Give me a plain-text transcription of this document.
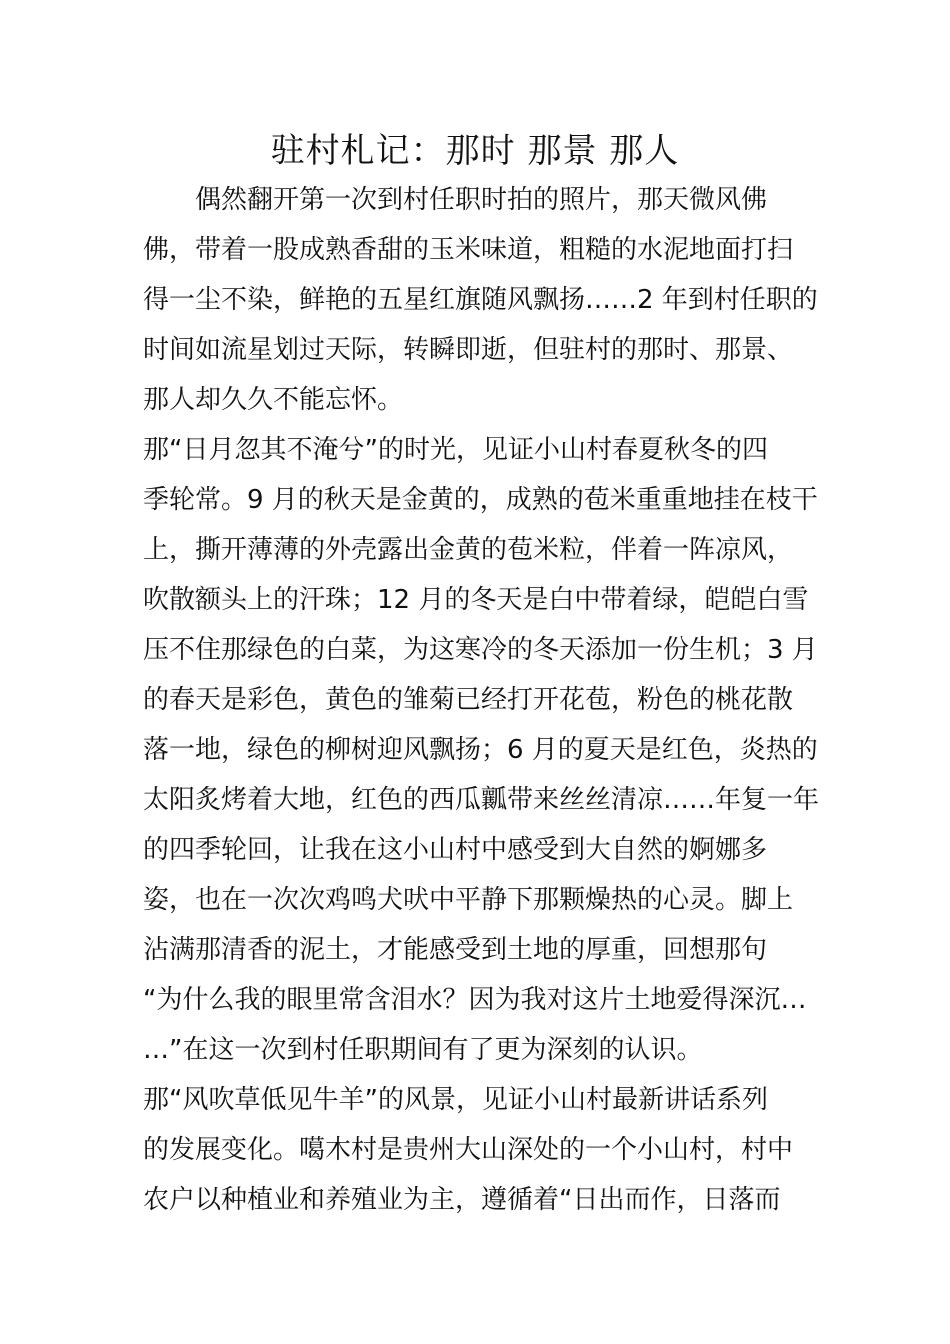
驻村札记：那时 那景 那人

　　偶然翻开第一次到村任职时拍的照片，那天微风佛

佛，带着一股成熟香甜的玉米味道，粗糙的水泥地面打扫

得一尘不染，鲜艳的五星红旗随风飘扬……2 年到村任职的

时间如流星划过天际，转瞬即逝，但驻村的那时、那景、

那人却久久不能忘怀。

那“日月忽其不淹兮”的时光，见证小山村春夏秋冬的四

季轮常。9 月的秋天是金黄的，成熟的苞米重重地挂在枝干

上，撕开薄薄的外壳露出金黄的苞米粒，伴着一阵凉风，

吹散额头上的汗珠；12 月的冬天是白中带着绿，皑皑白雪

压不住那绿色的白菜，为这寒冷的冬天添加一份生机；3 月

的春天是彩色，黄色的雏菊已经打开花苞，粉色的桃花散

落一地，绿色的柳树迎风飘扬；6 月的夏天是红色，炎热的

太阳炙烤着大地，红色的西瓜瓤带来丝丝清凉……年复一年

的四季轮回，让我在这小山村中感受到大自然的婀娜多

姿，也在一次次鸡鸣犬吠中平静下那颗燥热的心灵。脚上

沾满那清香的泥土，才能感受到土地的厚重，回想那句

“为什么我的眼里常含泪水？因为我对这片土地爱得深沉…

…”在这一次到村任职期间有了更为深刻的认识。

那“风吹草低见牛羊”的风景，见证小山村最新讲话系列

的发展变化。噶木村是贵州大山深处的一个小山村，村中

农户以种植业和养殖业为主，遵循着“日出而作，日落而
